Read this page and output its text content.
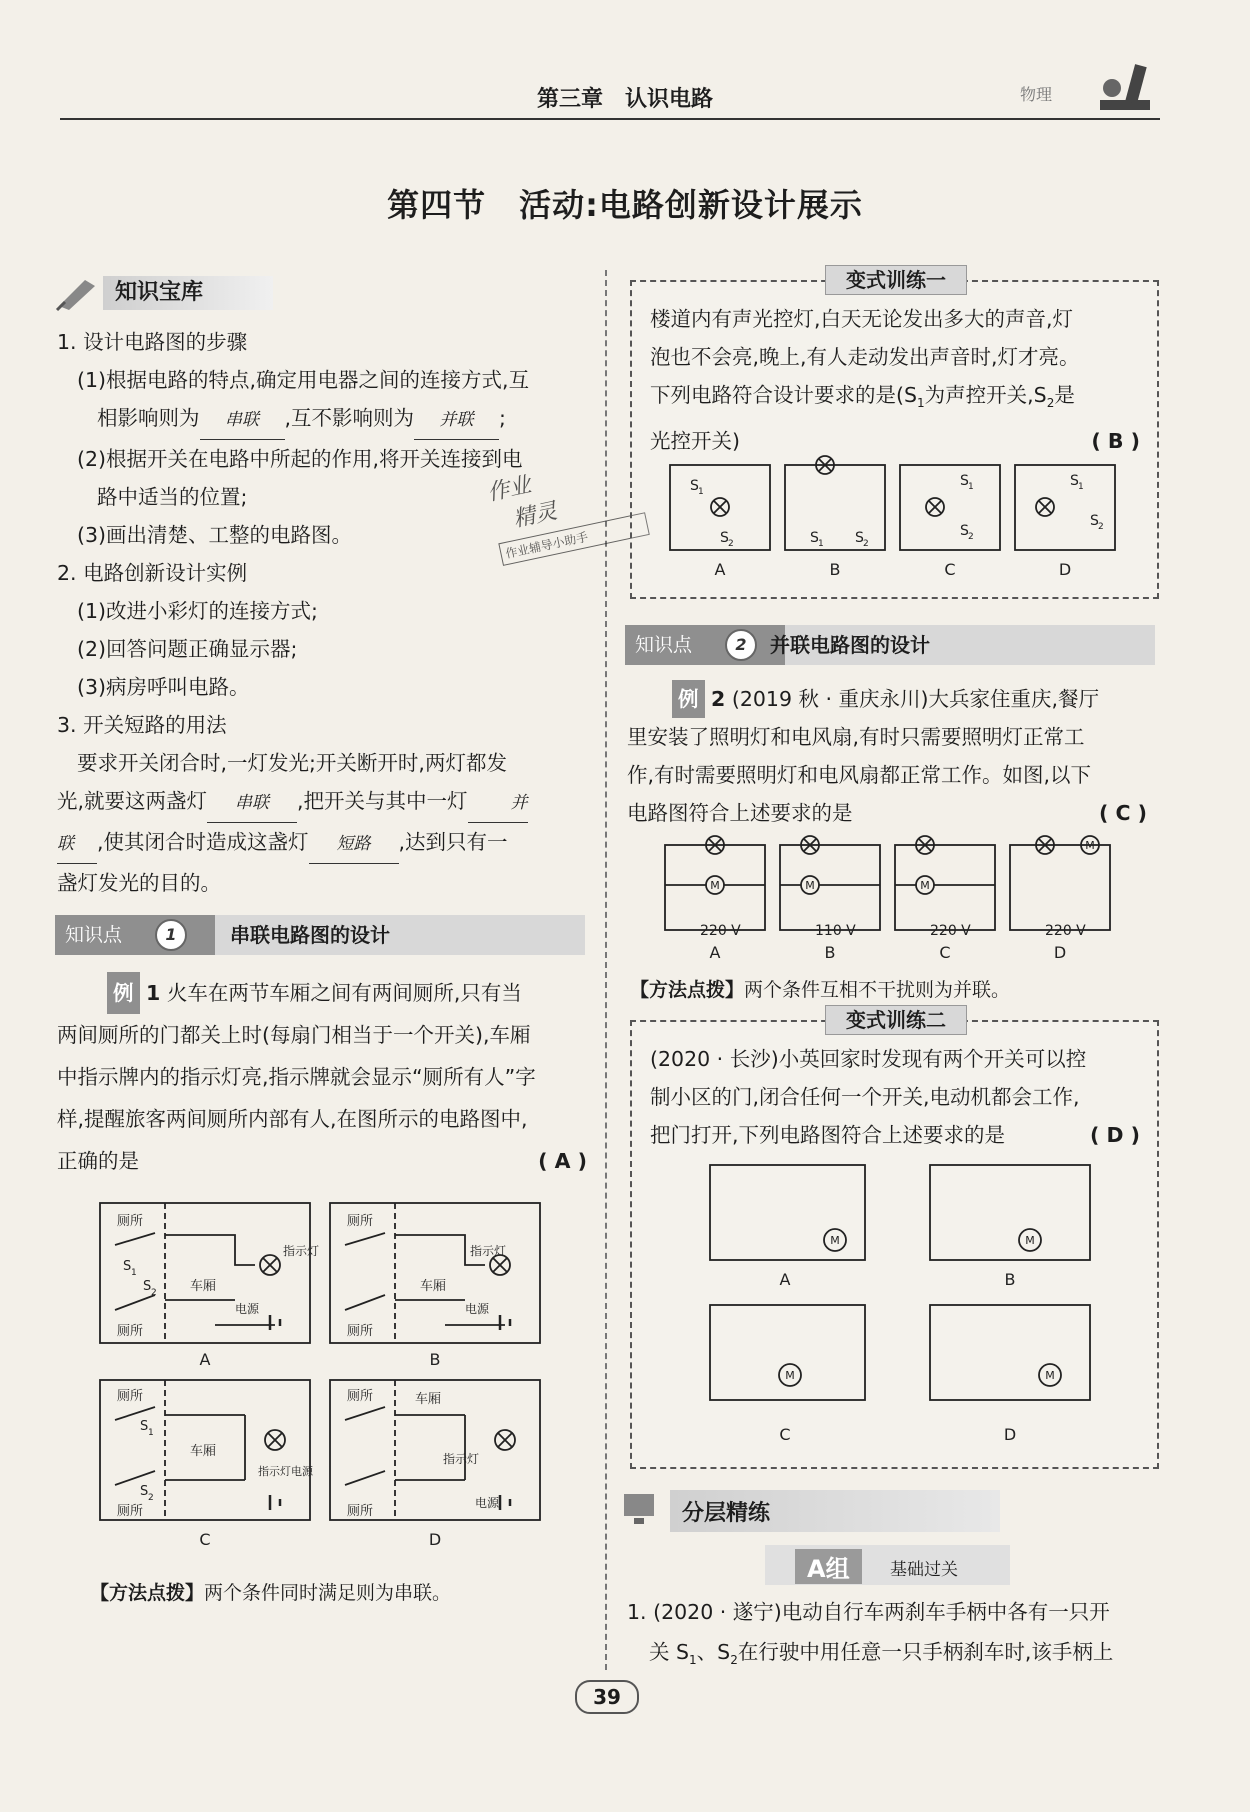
第三章　认识电路	物理
第四节　活动:电路创新设计展示
知识宝库
1. 设计电路图的步骤
(1)根据电路的特点,确定用电器之间的连接方式,互
相影响则为 串联 ,互不影响则为 并联 ;
(2)根据开关在电路中所起的作用,将开关连接到电
路中适当的位置;
(3)画出清楚、工整的电路图。
2. 电路创新设计实例
(1)改进小彩灯的连接方式;
(2)回答问题正确显示器;
(3)病房呼叫电路。
3. 开关短路的用法
要求开关闭合时,一灯发光;开关断开时,两灯都发
光,就要这两盏灯 串联 ,把开关与其中一灯	并
联 ,使其闭合时造成这盏灯 短路 ,达到只有一
盏灯发光的目的。
作业
精灵
作业辅导小助手
知识点	1	串联电路图的设计
例 1 火车在两节车厢之间有两间厕所,只有当
两间厕所的门都关上时(每扇门相当于一个开关),车厢
中指示牌内的指示灯亮,指示牌就会显示“厕所有人”字
样,提醒旅客两间厕所内部有人,在图所示的电路图中,
正确的是	( A )
厕所
厕所
车厢
指示灯
电源
S 1
S 2
厕所
厕所
车厢
指示灯
电源
厕所
厕所
车厢
S 1
S 2
指示灯电源
厕所
厕所
车厢
指示灯
电源
A	B
C	D
【方法点拨】两个条件同时满足则为串联。
变式训练一
楼道内有声光控灯,白天无论发出多大的声音,灯
泡也不会亮,晚上,有人走动发出声音时,灯才亮。
下列电路符合设计要求的是($S_1$为声控开关$,S_2$是
光控开关)	( B )
S 1
S 2	S 1 S 2
S 1
S 2
S 1
S 2
A	B	C	D
知识点	2	并联电路图的设计
例 2 (2019 秋 · 重庆永川)大兵家住重庆,餐厅
里安装了照明灯和电风扇,有时只需要照明灯正常工
作,有时需要照明灯和电风扇都正常工作。如图,以下
电路图符合上述要求的是	( C )
M	M	M
M
220 V	110 V	220 V	220 V
A	B	C	D
【方法点拨】两个条件互相不干扰则为并联。
变式训练二
(2020 · 长沙)小英回家时发现有两个开关可以控
制小区的门,闭合任何一个开关,电动机都会工作,
把门打开,下列电路图符合上述要求的是	( D )
M	M
M	M
A	B
C	D
分层精练
A组	基础过关
1. (2020 · 遂宁)电动自行车两刹车手柄中各有一只开
关 $S_1$、$S_2$在行驶中用任意一只手柄刹车时,该手柄上
39
